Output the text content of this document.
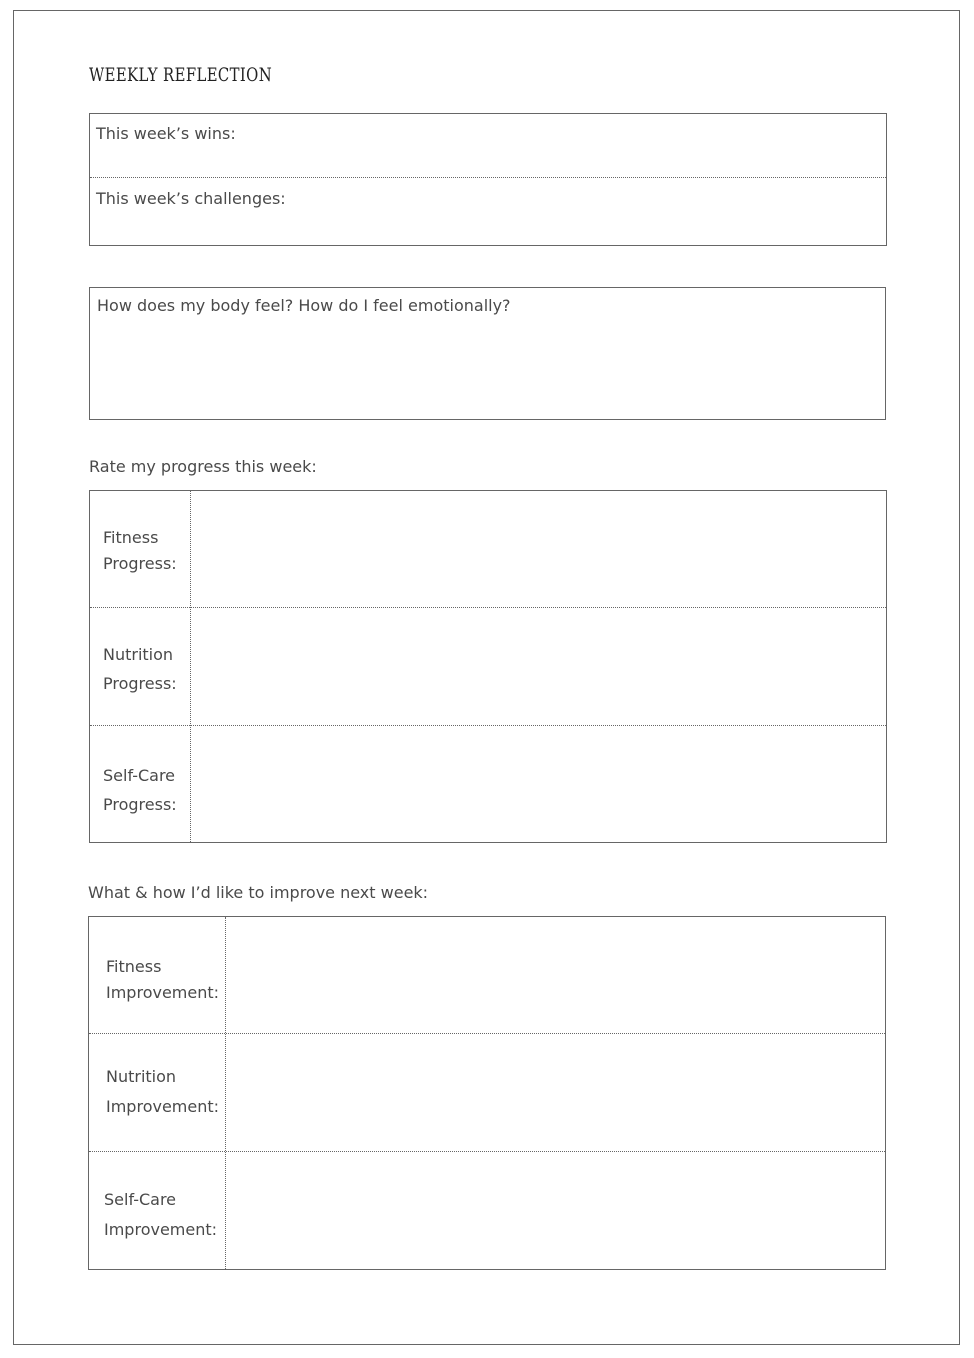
WEEKLY REFLECTION
This week’s wins:
This week’s challenges:
How does my body feel? How do I feel emotionally?
Rate my progress this week:
Fitness
Progress:
Nutrition
Progress:
Self-Care
Progress:
What & how I’d like to improve next week:
Fitness
Improvement:
Nutrition
Improvement:
Self-Care
Improvement:
